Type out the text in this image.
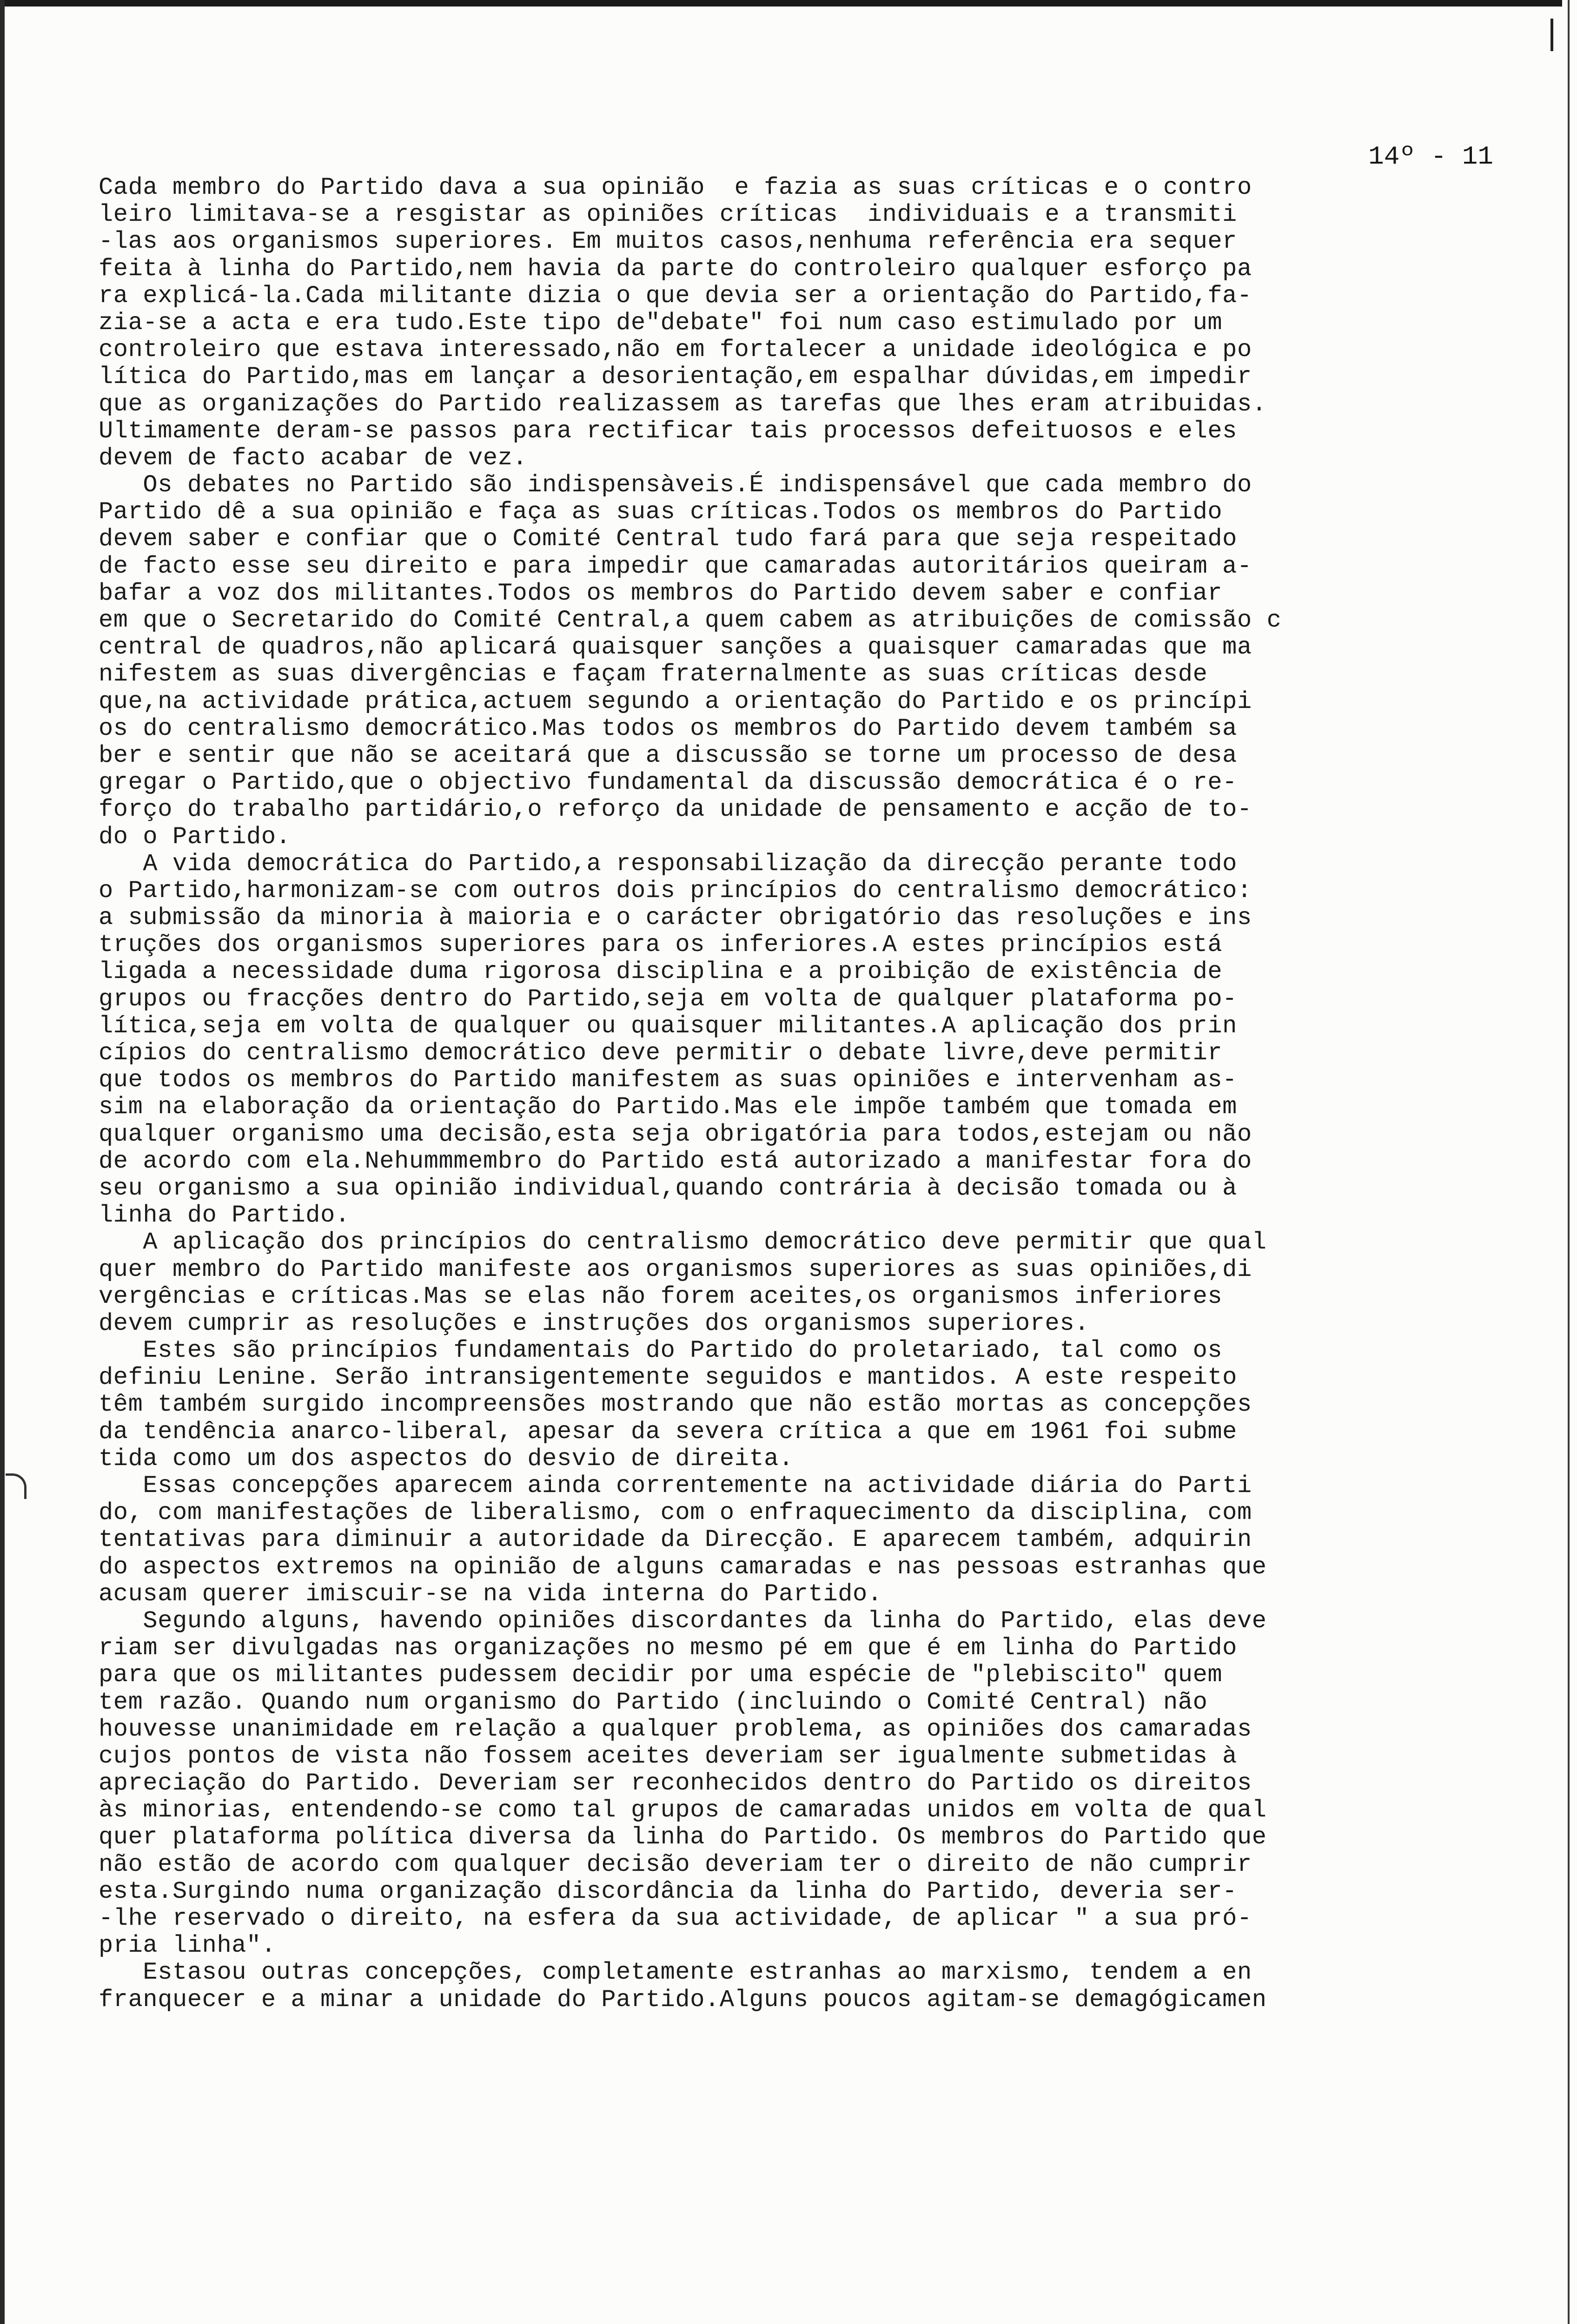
14º - 11
Cada membro do Partido dava a sua opinião  e fazia as suas críticas e o contro
leiro limitava-se a resgistar as opiniões críticas  individuais e a transmiti
-las aos organismos superiores. Em muitos casos,nenhuma referência era sequer
feita à linha do Partido,nem havia da parte do controleiro qualquer esforço pa
ra explicá-la.Cada militante dizia o que devia ser a orientação do Partido,fa-
zia-se a acta e era tudo.Este tipo de"debate" foi num caso estimulado por um
controleiro que estava interessado,não em fortalecer a unidade ideológica e po
lítica do Partido,mas em lançar a desorientação,em espalhar dúvidas,em impedir
que as organizações do Partido realizassem as tarefas que lhes eram atribuidas.
Ultimamente deram-se passos para rectificar tais processos defeituosos e eles
devem de facto acabar de vez.
Os debates no Partido são indispensàveis.É indispensável que cada membro do
Partido dê a sua opinião e faça as suas críticas.Todos os membros do Partido
devem saber e confiar que o Comité Central tudo fará para que seja respeitado
de facto esse seu direito e para impedir que camaradas autoritários queiram a-
bafar a voz dos militantes.Todos os membros do Partido devem saber e confiar
em que o Secretarido do Comité Central,a quem cabem as atribuições de comissão c
central de quadros,não aplicará quaisquer sanções a quaisquer camaradas que ma
nifestem as suas divergências e façam fraternalmente as suas críticas desde
que,na actividade prática,actuem segundo a orientação do Partido e os princípi
os do centralismo democrático.Mas todos os membros do Partido devem também sa
ber e sentir que não se aceitará que a discussão se torne um processo de desa
gregar o Partido,que o objectivo fundamental da discussão democrática é o re-
forço do trabalho partidário,o reforço da unidade de pensamento e acção de to-
do o Partido.
A vida democrática do Partido,a responsabilização da direcção perante todo
o Partido,harmonizam-se com outros dois princípios do centralismo democrático:
a submissão da minoria à maioria e o carácter obrigatório das resoluções e ins
truções dos organismos superiores para os inferiores.A estes princípios está
ligada a necessidade duma rigorosa disciplina e a proibição de existência de
grupos ou fracções dentro do Partido,seja em volta de qualquer plataforma po-
lítica,seja em volta de qualquer ou quaisquer militantes.A aplicação dos prin
cípios do centralismo democrático deve permitir o debate livre,deve permitir
que todos os membros do Partido manifestem as suas opiniões e intervenham as-
sim na elaboração da orientação do Partido.Mas ele impõe também que tomada em
qualquer organismo uma decisão,esta seja obrigatória para todos,estejam ou não
de acordo com ela.Nehummmembro do Partido está autorizado a manifestar fora do
seu organismo a sua opinião individual,quando contrária à decisão tomada ou à
linha do Partido.
A aplicação dos princípios do centralismo democrático deve permitir que qual
quer membro do Partido manifeste aos organismos superiores as suas opiniões,di
vergências e críticas.Mas se elas não forem aceites,os organismos inferiores
devem cumprir as resoluções e instruções dos organismos superiores.
Estes são princípios fundamentais do Partido do proletariado, tal como os
definiu Lenine. Serão intransigentemente seguidos e mantidos. A este respeito
têm também surgido incompreensões mostrando que não estão mortas as concepções
da tendência anarco-liberal, apesar da severa crítica a que em 1961 foi subme
tida como um dos aspectos do desvio de direita.
Essas concepções aparecem ainda correntemente na actividade diária do Parti
do, com manifestações de liberalismo, com o enfraquecimento da disciplina, com
tentativas para diminuir a autoridade da Direcção. E aparecem também, adquirin
do aspectos extremos na opinião de alguns camaradas e nas pessoas estranhas que
acusam querer imiscuir-se na vida interna do Partido.
Segundo alguns, havendo opiniões discordantes da linha do Partido, elas deve
riam ser divulgadas nas organizações no mesmo pé em que é em linha do Partido
para que os militantes pudessem decidir por uma espécie de "plebiscito" quem
tem razão. Quando num organismo do Partido (incluindo o Comité Central) não
houvesse unanimidade em relação a qualquer problema, as opiniões dos camaradas
cujos pontos de vista não fossem aceites deveriam ser igualmente submetidas à
apreciação do Partido. Deveriam ser reconhecidos dentro do Partido os direitos
às minorias, entendendo-se como tal grupos de camaradas unidos em volta de qual
quer plataforma política diversa da linha do Partido. Os membros do Partido que
não estão de acordo com qualquer decisão deveriam ter o direito de não cumprir
esta.Surgindo numa organização discordância da linha do Partido, deveria ser-
-lhe reservado o direito, na esfera da sua actividade, de aplicar " a sua pró-
pria linha".
Estasou outras concepções, completamente estranhas ao marxismo, tendem a en
franquecer e a minar a unidade do Partido.Alguns poucos agitam-se demagógicamen
